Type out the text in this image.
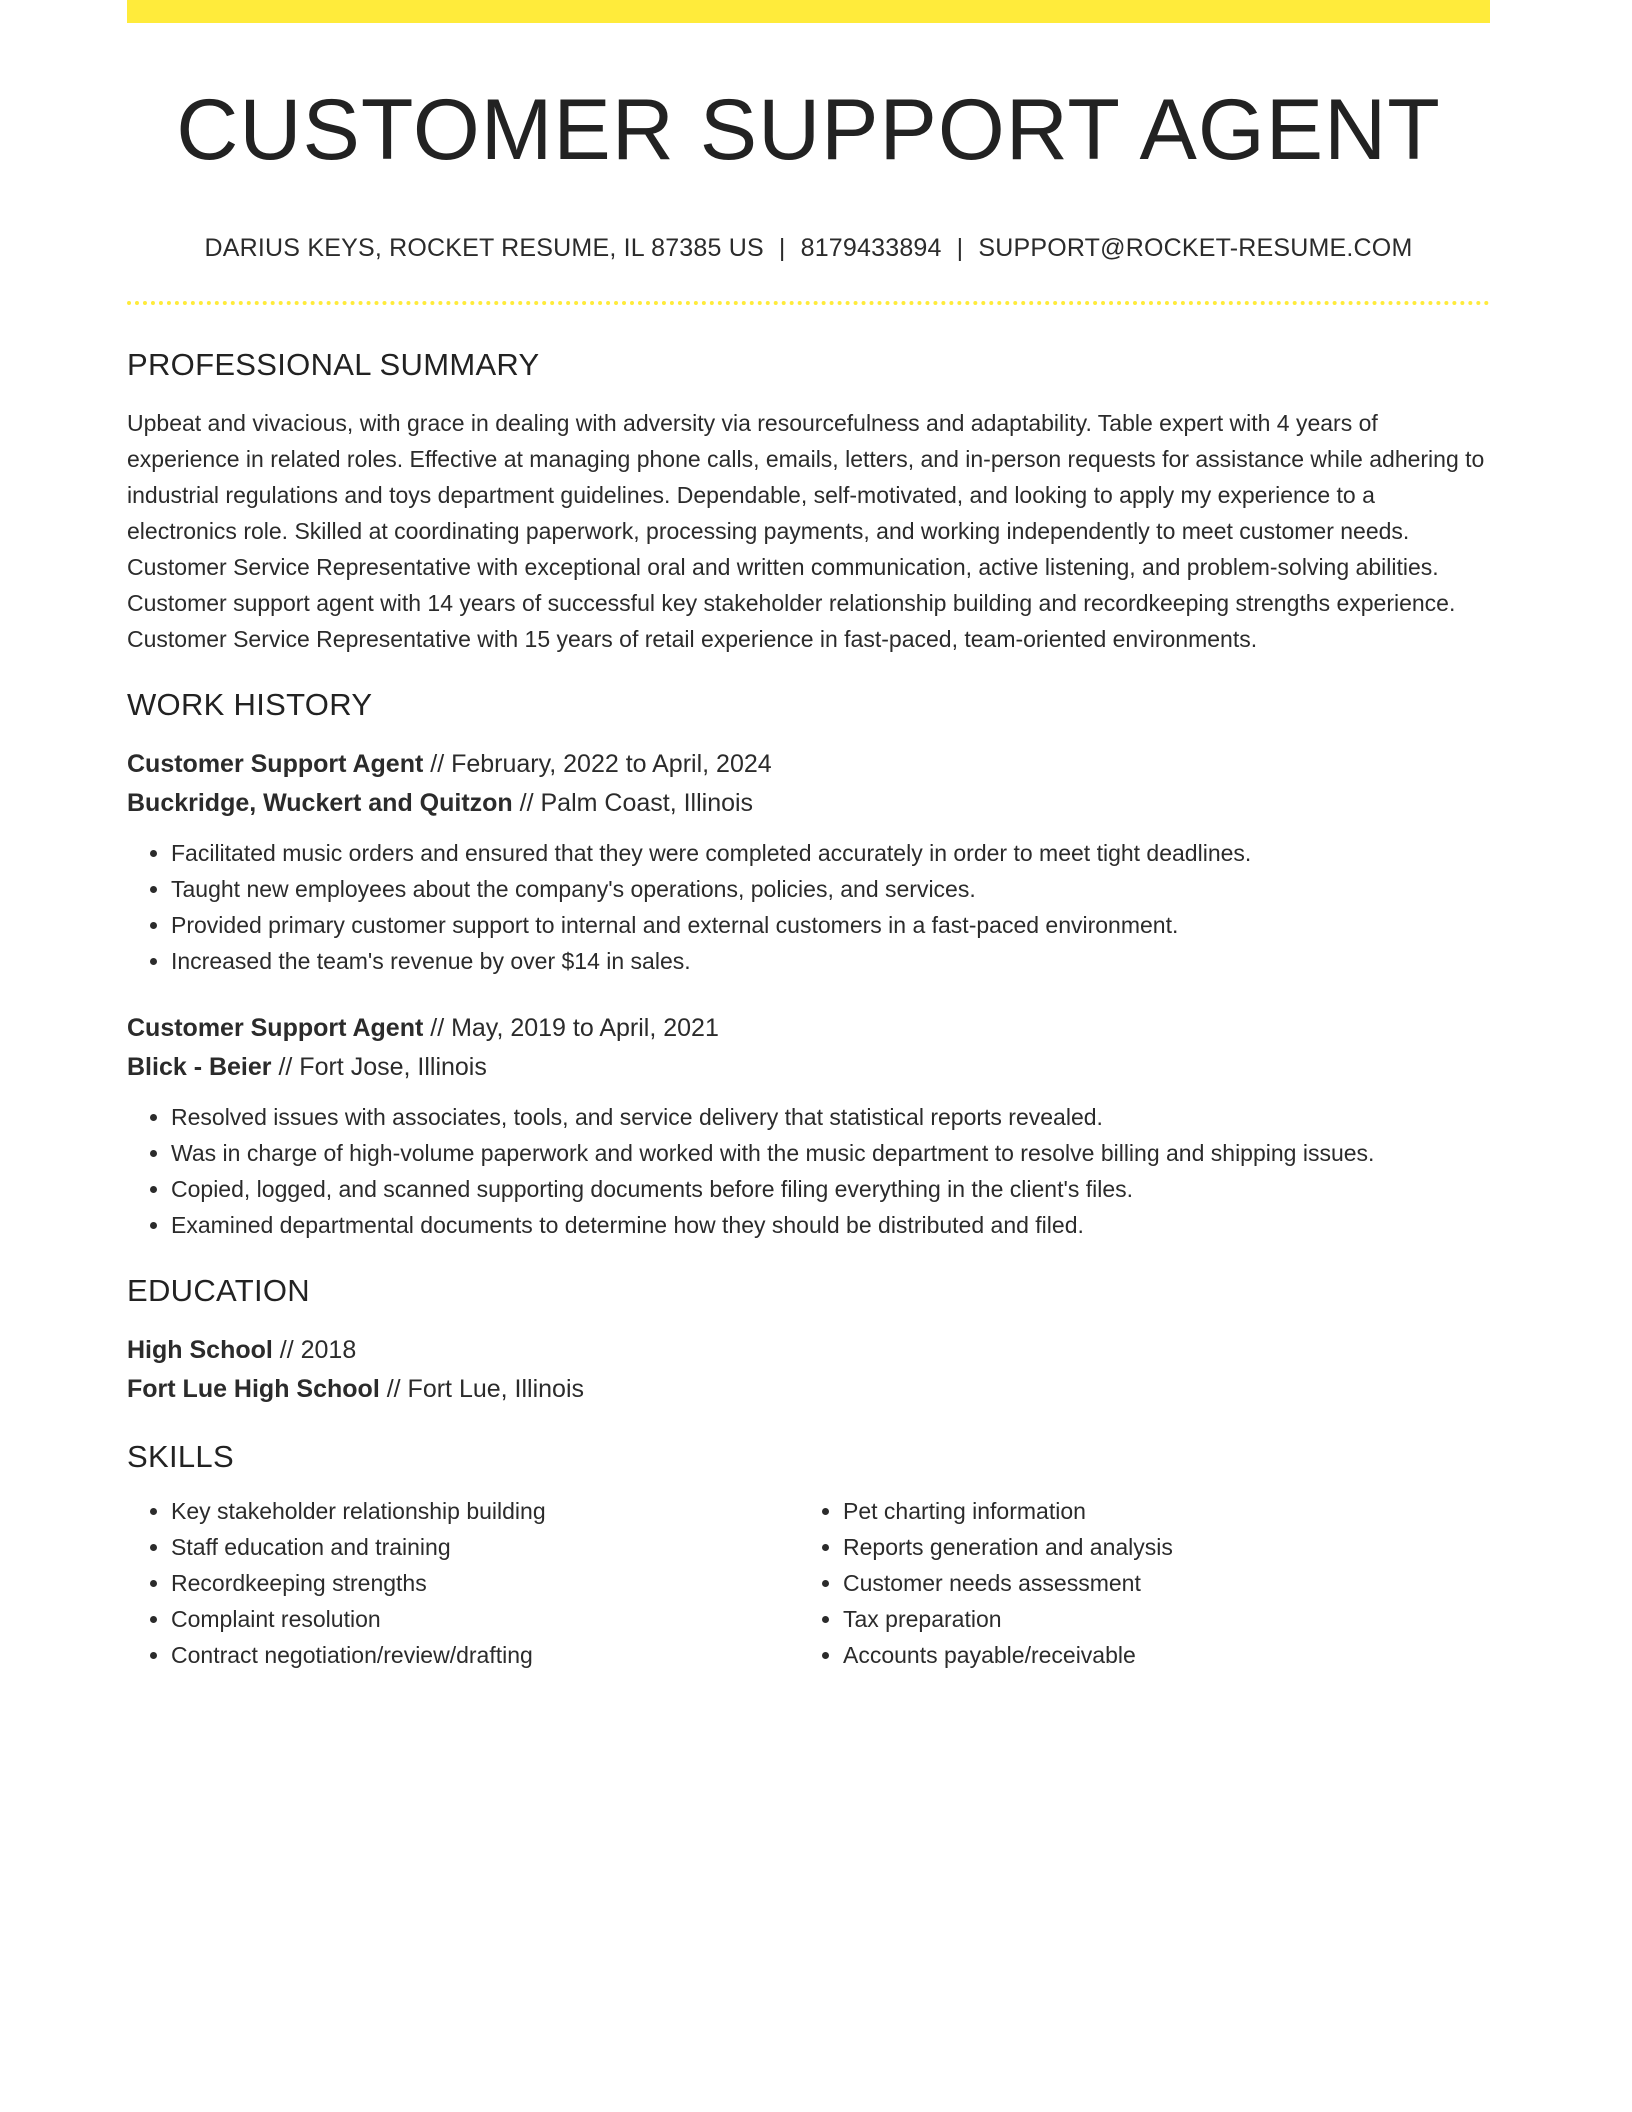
CUSTOMER SUPPORT AGENT
DARIUS KEYS, ROCKET RESUME, IL 87385 US | 8179433894 | SUPPORT@ROCKET-RESUME.COM
PROFESSIONAL SUMMARY
Upbeat and vivacious, with grace in dealing with adversity via resourcefulness and adaptability. Table expert with 4 years of experience in related roles. Effective at managing phone calls, emails, letters, and in-person requests for assistance while adhering to industrial regulations and toys department guidelines. Dependable, self-motivated, and looking to apply my experience to a electronics role. Skilled at coordinating paperwork, processing payments, and working independently to meet customer needs. Customer Service Representative with exceptional oral and written communication, active listening, and problem-solving abilities. Customer support agent with 14 years of successful key stakeholder relationship building and recordkeeping strengths experience. Customer Service Representative with 15 years of retail experience in fast-paced, team-oriented environments.
WORK HISTORY
Customer Support Agent // February, 2022 to April, 2024
Buckridge, Wuckert and Quitzon // Palm Coast, Illinois
• Facilitated music orders and ensured that they were completed accurately in order to meet tight deadlines.
• Taught new employees about the company's operations, policies, and services.
• Provided primary customer support to internal and external customers in a fast-paced environment.
• Increased the team's revenue by over $14 in sales.
Customer Support Agent // May, 2019 to April, 2021
Blick - Beier // Fort Jose, Illinois
• Resolved issues with associates, tools, and service delivery that statistical reports revealed.
• Was in charge of high-volume paperwork and worked with the music department to resolve billing and shipping issues.
• Copied, logged, and scanned supporting documents before filing everything in the client's files.
• Examined departmental documents to determine how they should be distributed and filed.
EDUCATION
High School // 2018
Fort Lue High School // Fort Lue, Illinois
SKILLS
• Key stakeholder relationship building
• Staff education and training
• Recordkeeping strengths
• Complaint resolution
• Contract negotiation/review/drafting
• Pet charting information
• Reports generation and analysis
• Customer needs assessment
• Tax preparation
• Accounts payable/receivable
